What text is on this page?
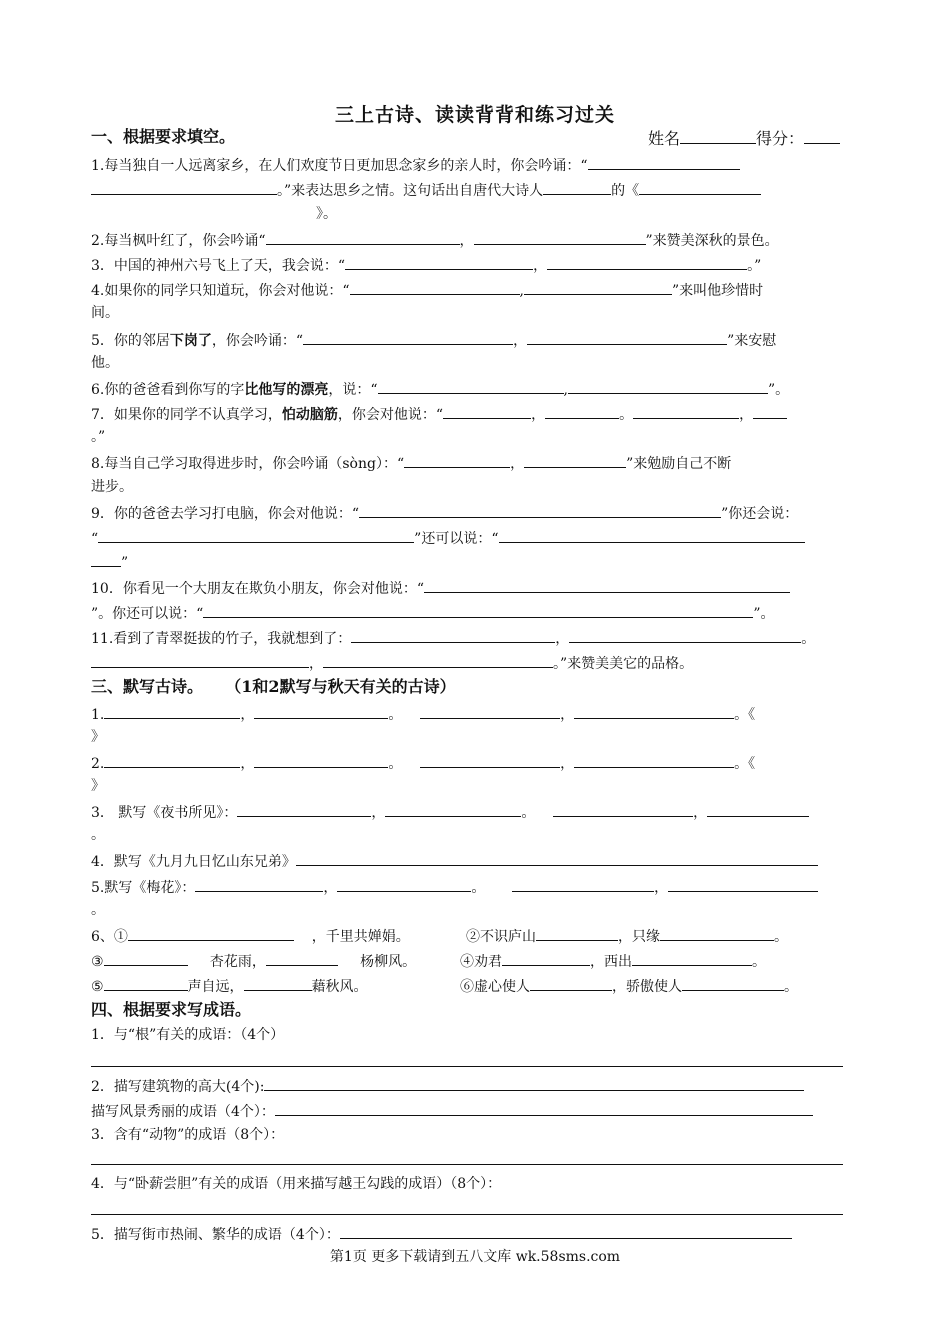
三上古诗、读读背背和练习过关
一、根据要求填空。	姓名	得分：
1.每当独自一人远离家乡，在人们欢度节日更加思念家乡的亲人时，你会吟诵：“
。”来表达思乡之情。这句话出自唐代大诗人	的《
》。
2.每当枫叶红了，你会吟诵“	，	”来赞美深秋的景色。
3．中国的神州六号飞上了天，我会说：“	，	。”
4.如果你的同学只知道玩，你会对他说：“	,	”来叫他珍惜时
间。
5．你的邻居下岗了，你会吟诵：“	，	”来安慰
他。
6.你的爸爸看到你写的字比他写的漂亮，说：“	,	”。
7．如果你的同学不认真学习，怕动脑筋，你会对他说：“	，	。	，
。”
8.每当自己学习取得进步时，你会吟诵（sòng）：“	，	”来勉励自己不断
进步。
9．你的爸爸去学习打电脑，你会对他说：“	”你还会说：
“	”还可以说：“
”
10．你看见一个大朋友在欺负小朋友，你会对他说：“
”。你还可以说：“	”。
11.看到了青翠挺拔的竹子，我就想到了：	，	。
，	。”来赞美美它的品格。
三、默写古诗。 （1和2默写与秋天有关的古诗）
1.	，	。	，	。《
》
2.	，	。	，	。《
》
3． 默写《夜书所见》：	，	。	，
。
4．默写《九月九日忆山东兄弟》
5.默写《梅花》：	，	。	，
。
6、①	，千里共婵娟。	②不识庐山	，只缘	。
③	杏花雨，	杨柳风。	④劝君	，西出	。
⑤	声自远，	藉秋风。	⑥虚心使人	，骄傲使人	。
四、根据要求写成语。
1．与“根”有关的成语：（4个）
2．描写建筑物的高大(4个):
描写风景秀丽的成语（4个）：
3．含有“动物”的成语（8个）：
4．与“卧薪尝胆”有关的成语（用来描写越王勾践的成语）（8个）：
5．描写街市热闹、繁华的成语（4个）：
第1页 更多下载请到五八文库 wk.58sms.com
